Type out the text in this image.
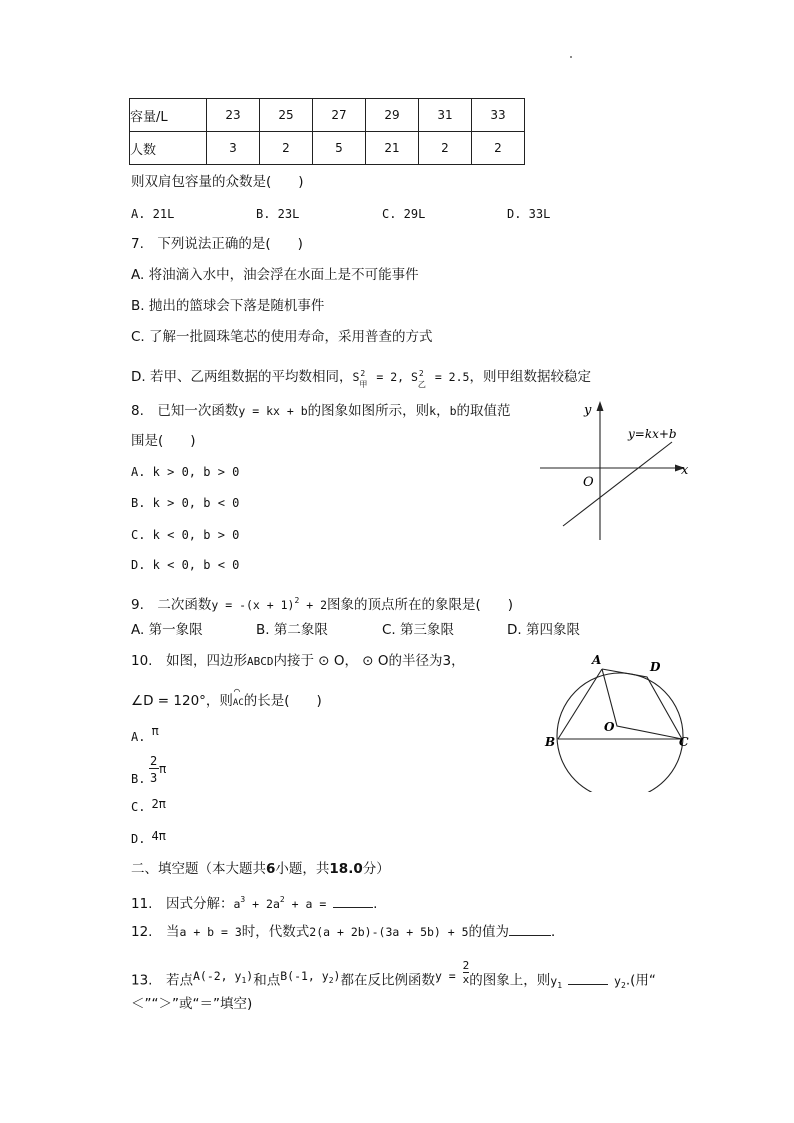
容量/L	23	25	27	29	31	33
人数	3	2	5	21	2	2
则双肩包容量的众数是(　　)
A. 21L	B. 23L	C. 29L	D. 33L
7.　下列说法正确的是(　　)
A. 将油滴入水中，油会浮在水面上是不可能事件
B. 抛出的篮球会下落是随机事件
C. 了解一批圆珠笔芯的使用寿命，采用普查的方式
D. 若甲、乙两组数据的平均数相同，S 2
甲 = 2, S 2
乙 = 2.5，则甲组数据较稳定
8.　已知一次函数y = kx + b的图象如图所示，则k，b的取值范
围是(　　)
A. k > 0, b > 0
B. k > 0, b < 0
C. k < 0, b > 0
D. k < 0, b < 0
y
x
O
y=kx+b
9.　二次函数$y = -(x + 1)^2 + 2$图象的顶点所在的象限是(　　)
A. 第一象限	B. 第二象限	C. 第三象限	D. 第四象限
10.　如图，四边形ABCD内接于 ⊙ O， ⊙ O的半径为3，
∠D = 120°，则
⌒
AC的长是(　　)
A. π
B.
2
3
π
C. 2π
D. 4π
A	D
B	C
O
二、填空题（本大题共6小题，共18.0分）
11.　因式分解：$a^3 + 2a^2 + a$ =	.
12.　当a + b = 3时，代数式2(a + 2b)-(3a + 5b) + 5的值为	．
13.　若点A(-2, $y_1$)和点B(-1, $y_2$)都在反比例函数$y = \frac{2}{x}$ 的图象上，则$y_1$	$y_2$.(用“
＜”“＞”或“＝”填空)
